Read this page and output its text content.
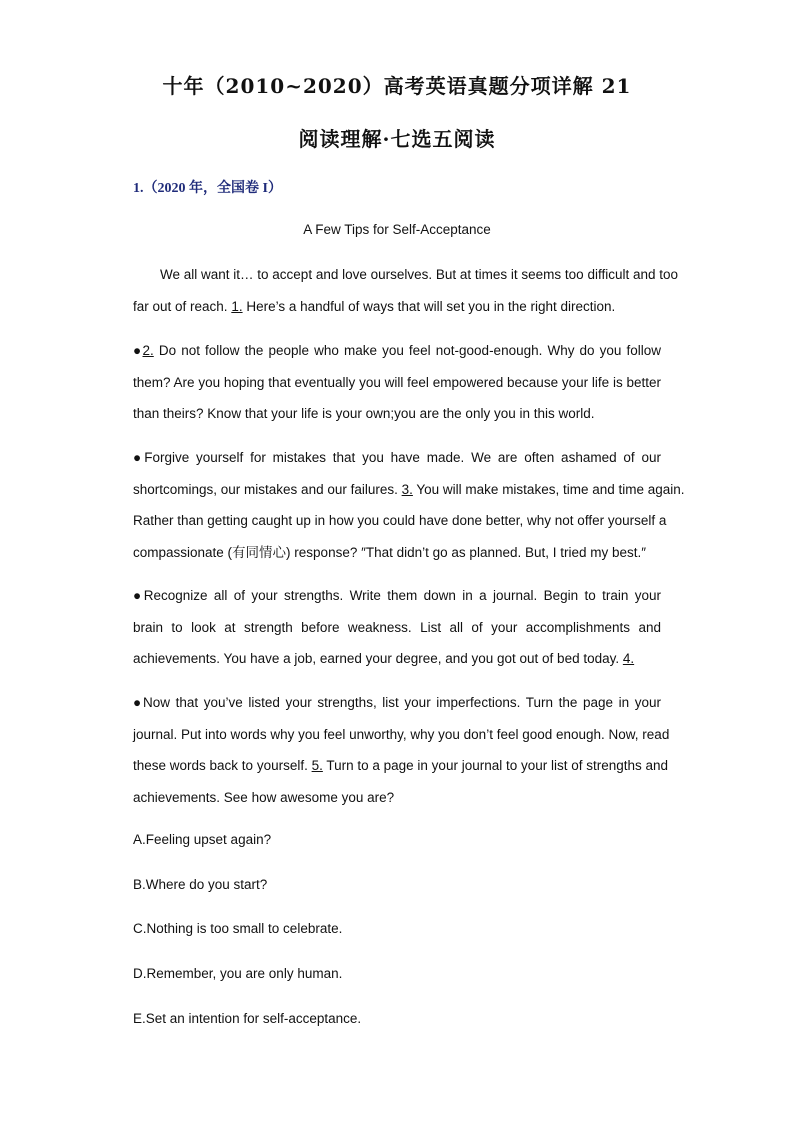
十年（2010~2020）高考英语真题分项详解 21
阅读理解·七选五阅读
1.（2020 年，全国卷 I）
A Few Tips for Self-Acceptance
We all want it… to accept and love ourselves. But at times it seems too difficult and too
far out of reach. 1. Here’s a handful of ways that will set you in the right direction.
●2. Do not follow the people who make you feel not-good-enough. Why do you follow
them? Are you hoping that eventually you will feel empowered because your life is better
than theirs? Know that your life is your own;you are the only you in this world.
●Forgive yourself for mistakes that you have made. We are often ashamed of our
shortcomings, our mistakes and our failures. 3. You will make mistakes, time and time again.
Rather than getting caught up in how you could have done better, why not offer yourself a
compassionate (有同情心) response? ″That didn’t go as planned. But, I tried my best.″
●Recognize all of your strengths. Write them down in a journal. Begin to train your
brain to look at strength before weakness. List all of your accomplishments and
achievements. You have a job, earned your degree, and you got out of bed today. 4.
●Now that you’ve listed your strengths, list your imperfections. Turn the page in your
journal. Put into words why you feel unworthy, why you don’t feel good enough. Now, read
these words back to yourself. 5. Turn to a page in your journal to your list of strengths and
achievements. See how awesome you are?
A.Feeling upset again?
B.Where do you start?
C.Nothing is too small to celebrate.
D.Remember, you are only human.
E.Set an intention for self-acceptance.
